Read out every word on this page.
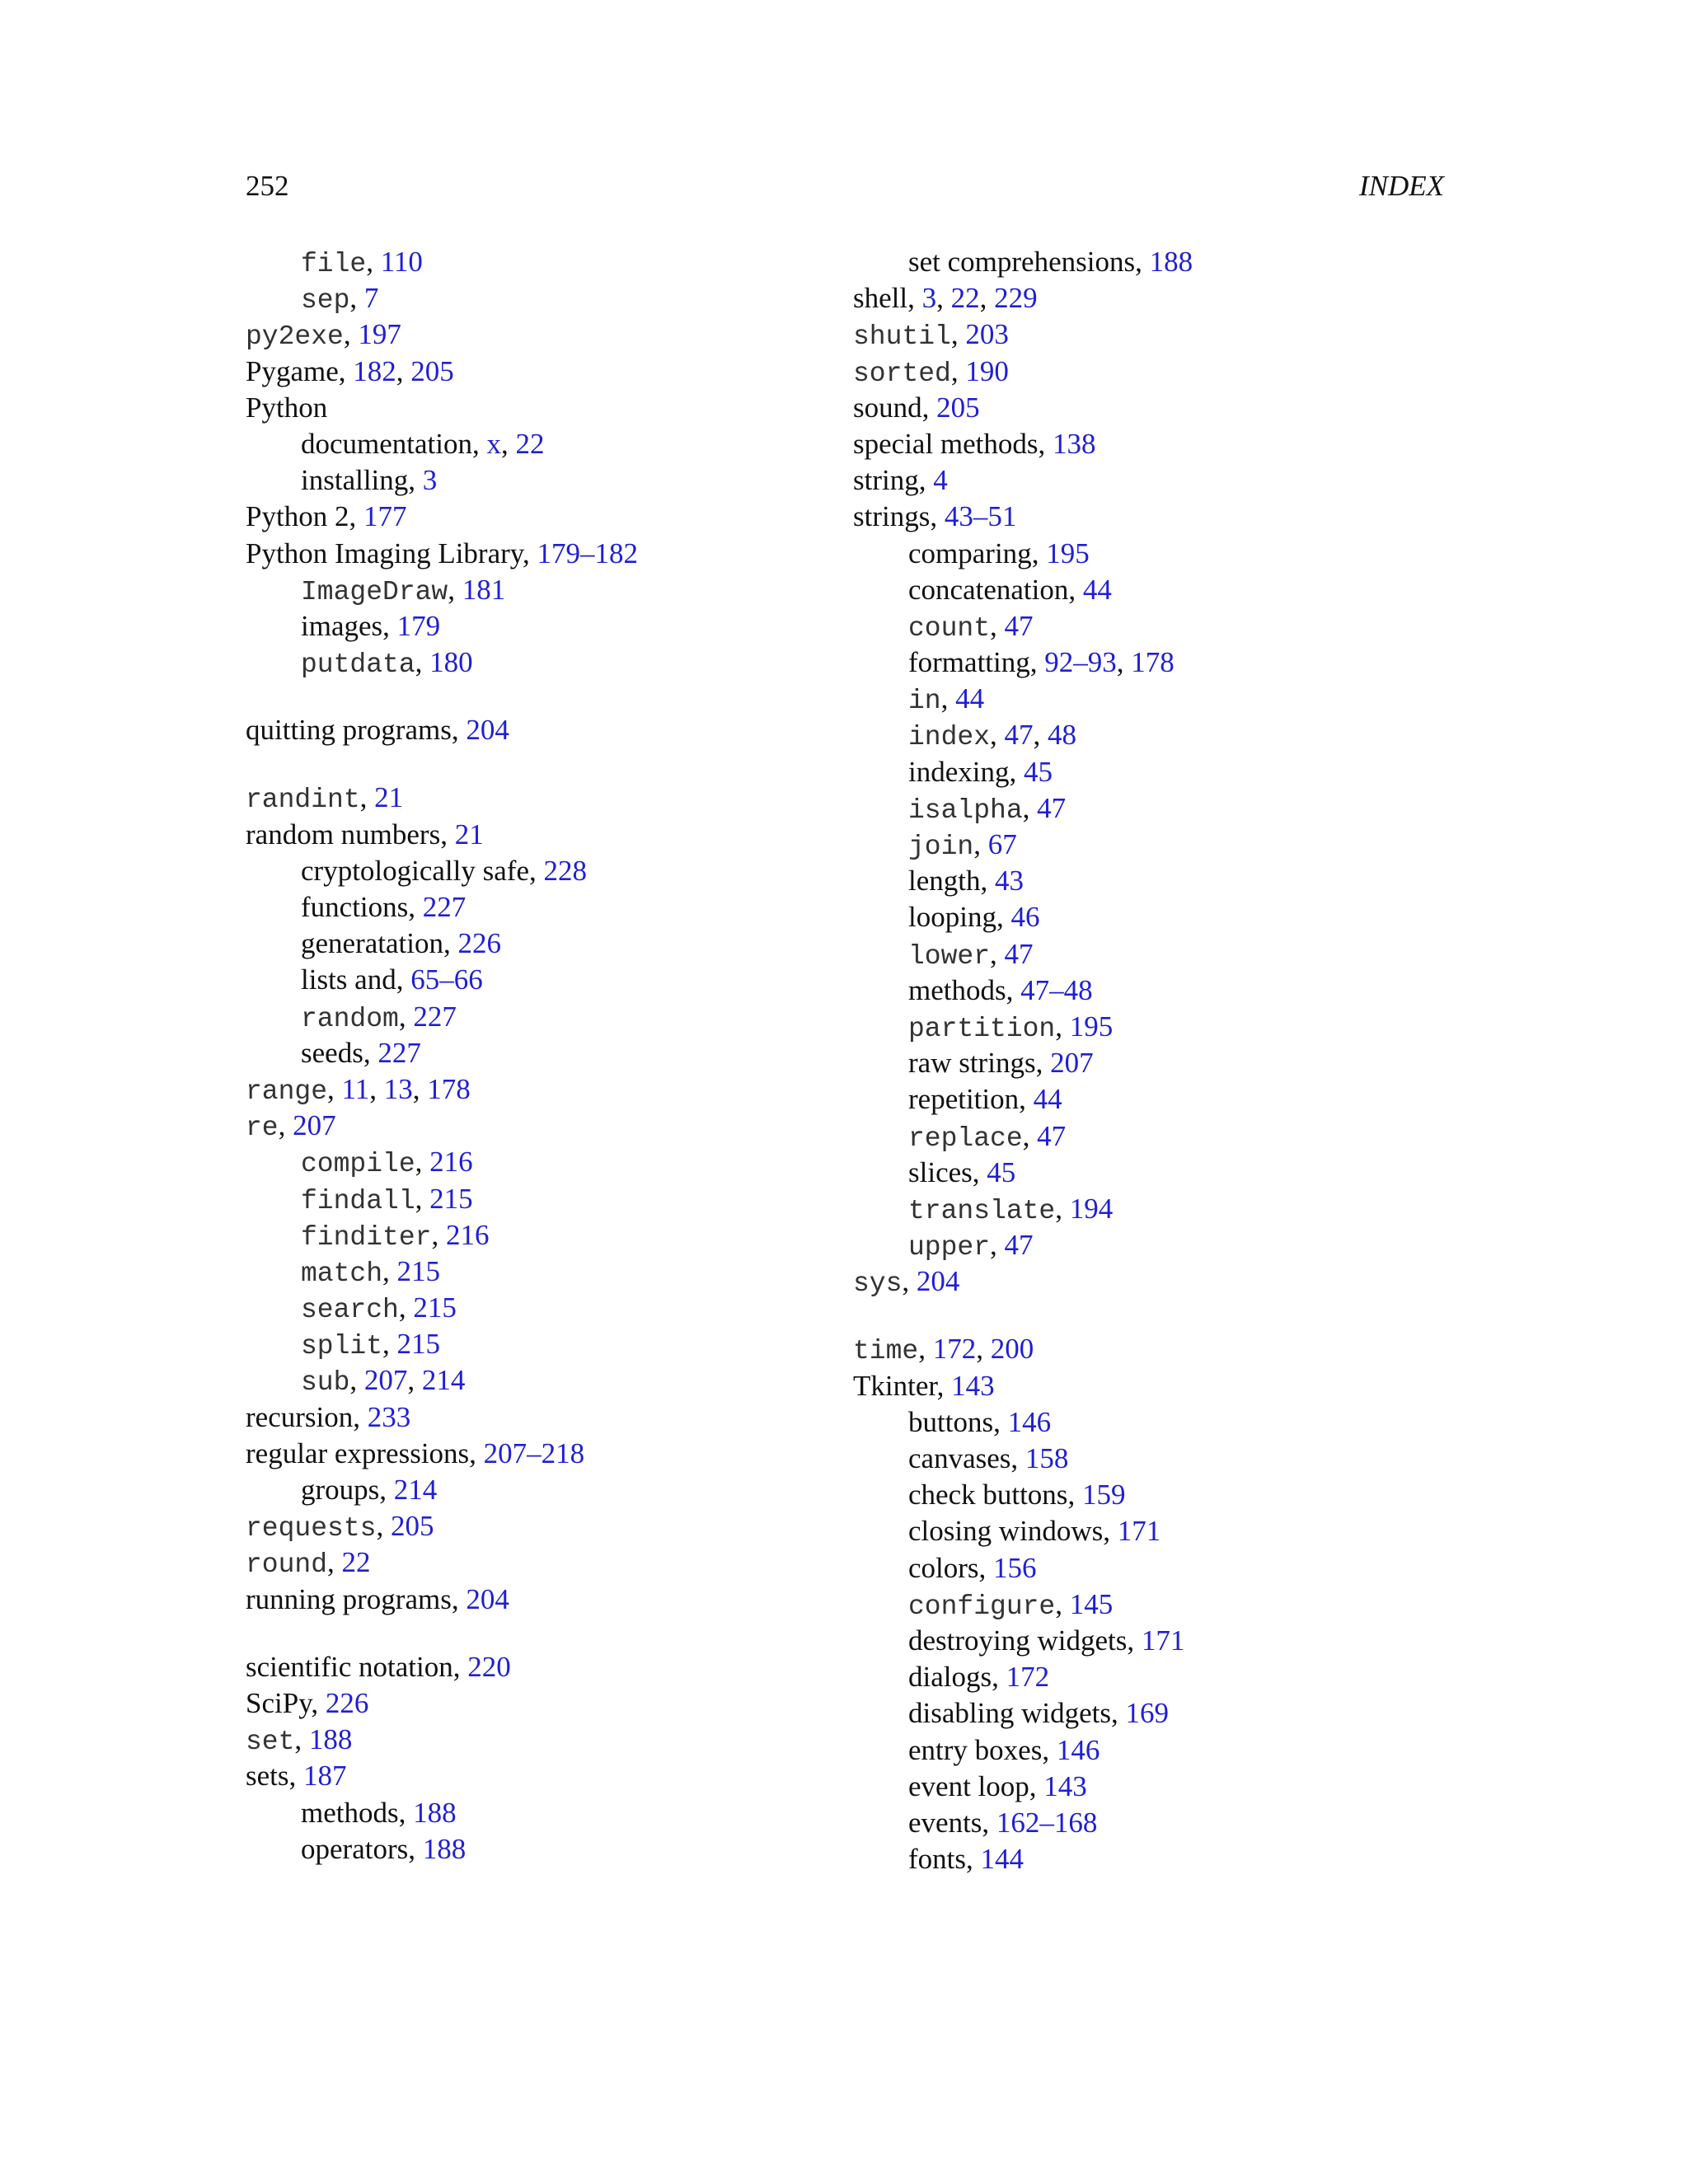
252	INDEX
file, 110
sep, 7
py2exe, 197
Pygame, 182, 205
Python
documentation, x, 22
installing, 3
Python 2, 177
Python Imaging Library, 179–182
ImageDraw, 181
images, 179
putdata, 180
quitting programs, 204
randint, 21
random numbers, 21
cryptologically safe, 228
functions, 227
generatation, 226
lists and, 65–66
random, 227
seeds, 227
range, 11, 13, 178
re, 207
compile, 216
findall, 215
finditer, 216
match, 215
search, 215
split, 215
sub, 207, 214
recursion, 233
regular expressions, 207–218
groups, 214
requests, 205
round, 22
running programs, 204
scientific notation, 220
SciPy, 226
set, 188
sets, 187
methods, 188
operators, 188
set comprehensions, 188
shell, 3, 22, 229
shutil, 203
sorted, 190
sound, 205
special methods, 138
string, 4
strings, 43–51
comparing, 195
concatenation, 44
count, 47
formatting, 92–93, 178
in, 44
index, 47, 48
indexing, 45
isalpha, 47
join, 67
length, 43
looping, 46
lower, 47
methods, 47–48
partition, 195
raw strings, 207
repetition, 44
replace, 47
slices, 45
translate, 194
upper, 47
sys, 204
time, 172, 200
Tkinter, 143
buttons, 146
canvases, 158
check buttons, 159
closing windows, 171
colors, 156
configure, 145
destroying widgets, 171
dialogs, 172
disabling widgets, 169
entry boxes, 146
event loop, 143
events, 162–168
fonts, 144
